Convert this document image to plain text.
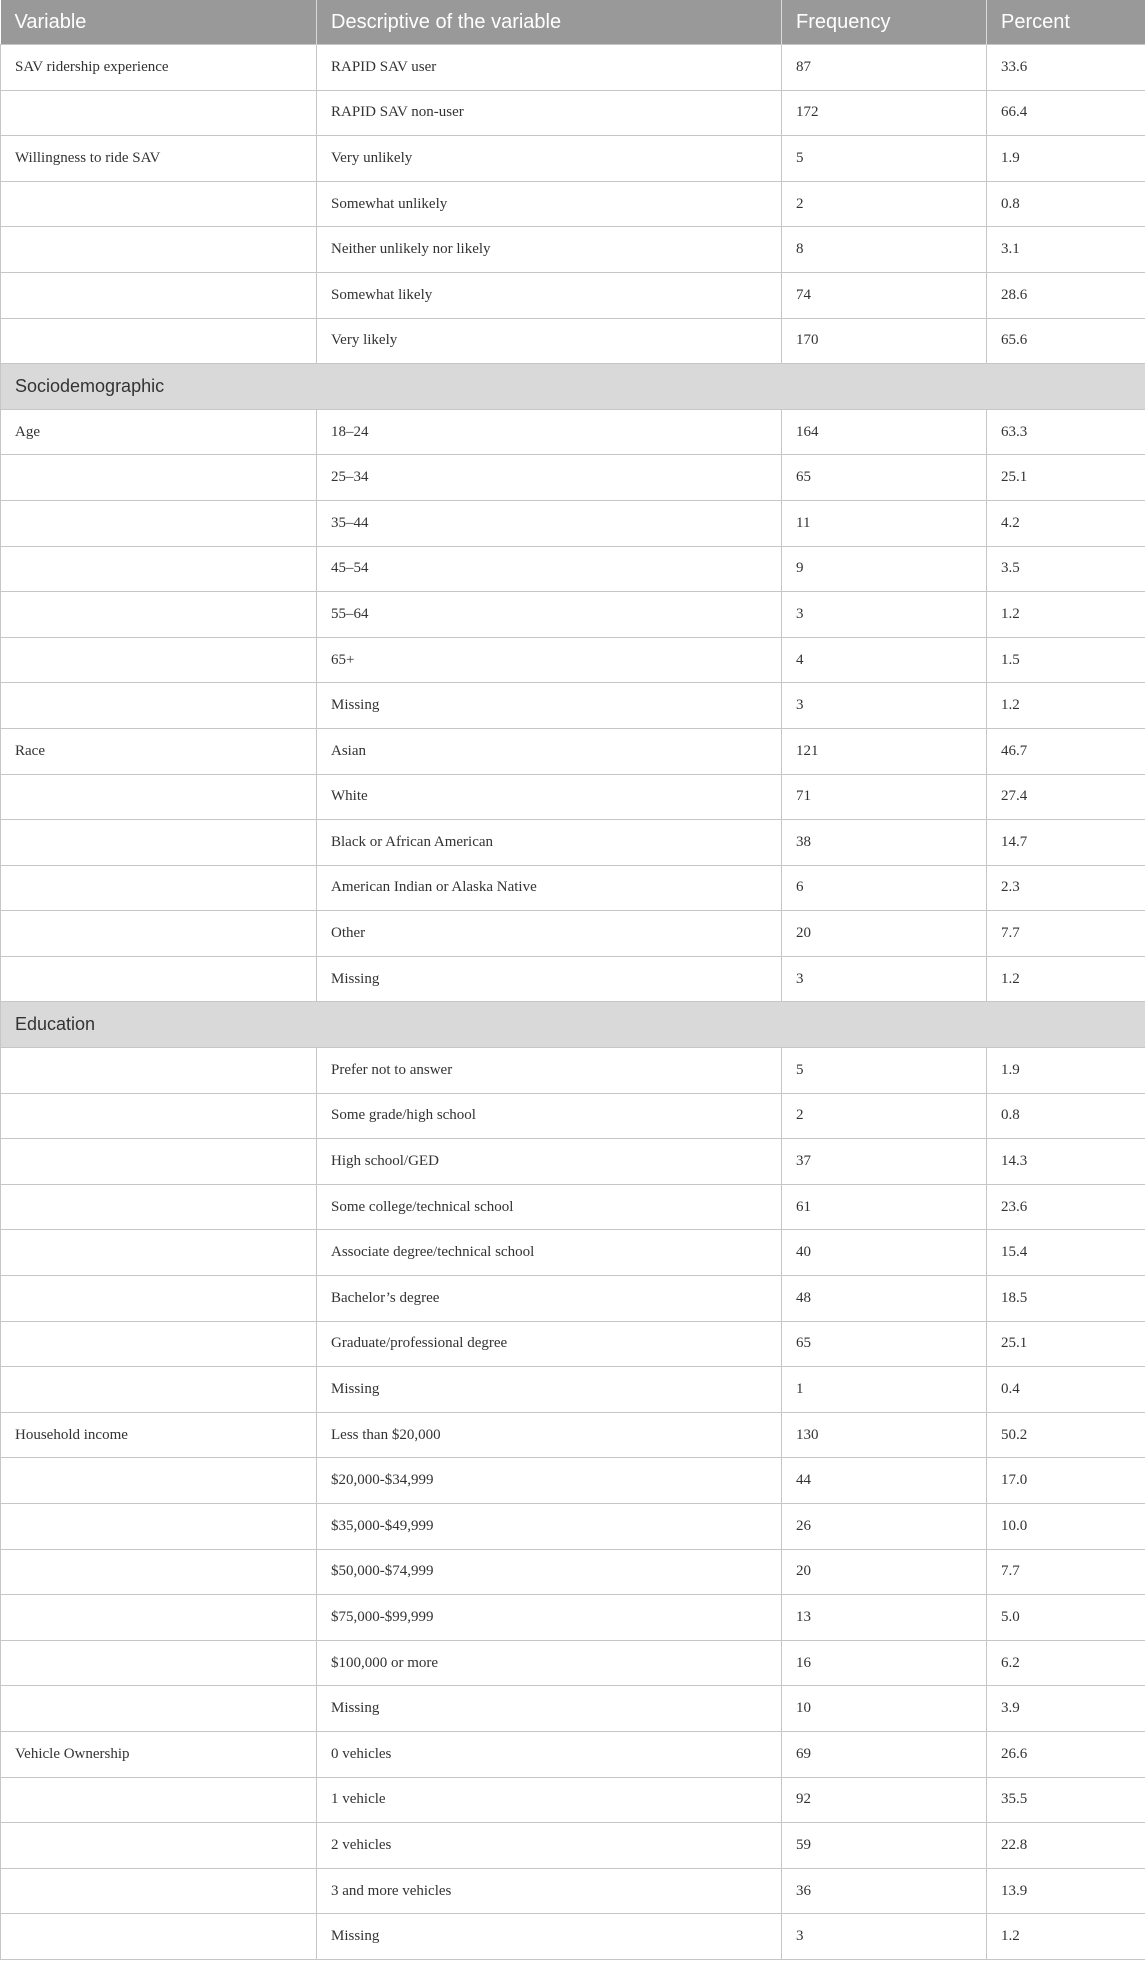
Variable	Descriptive of the variable	Frequency	Percent
SAV ridership experience	RAPID SAV user	87	33.6
	RAPID SAV non-user	172	66.4
Willingness to ride SAV	Very unlikely	5	1.9
	Somewhat unlikely	2	0.8
	Neither unlikely nor likely	8	3.1
	Somewhat likely	74	28.6
	Very likely	170	65.6
Sociodemographic			
Age	18–24	164	63.3
	25–34	65	25.1
	35–44	11	4.2
	45–54	9	3.5
	55–64	3	1.2
	65+	4	1.5
	Missing	3	1.2
Race	Asian	121	46.7
	White	71	27.4
	Black or African American	38	14.7
	American Indian or Alaska Native	6	2.3
	Other	20	7.7
	Missing	3	1.2
Education			
	Prefer not to answer	5	1.9
	Some grade/high school	2	0.8
	High school/GED	37	14.3
	Some college/technical school	61	23.6
	Associate degree/technical school	40	15.4
	Bachelor’s degree	48	18.5
	Graduate/professional degree	65	25.1
	Missing	1	0.4
Household income	Less than $20,000	130	50.2
	$20,000-$34,999	44	17.0
	$35,000-$49,999	26	10.0
	$50,000-$74,999	20	7.7
	$75,000-$99,999	13	5.0
	$100,000 or more	16	6.2
	Missing	10	3.9
Vehicle Ownership	0 vehicles	69	26.6
	1 vehicle	92	35.5
	2 vehicles	59	22.8
	3 and more vehicles	36	13.9
	Missing	3	1.2
